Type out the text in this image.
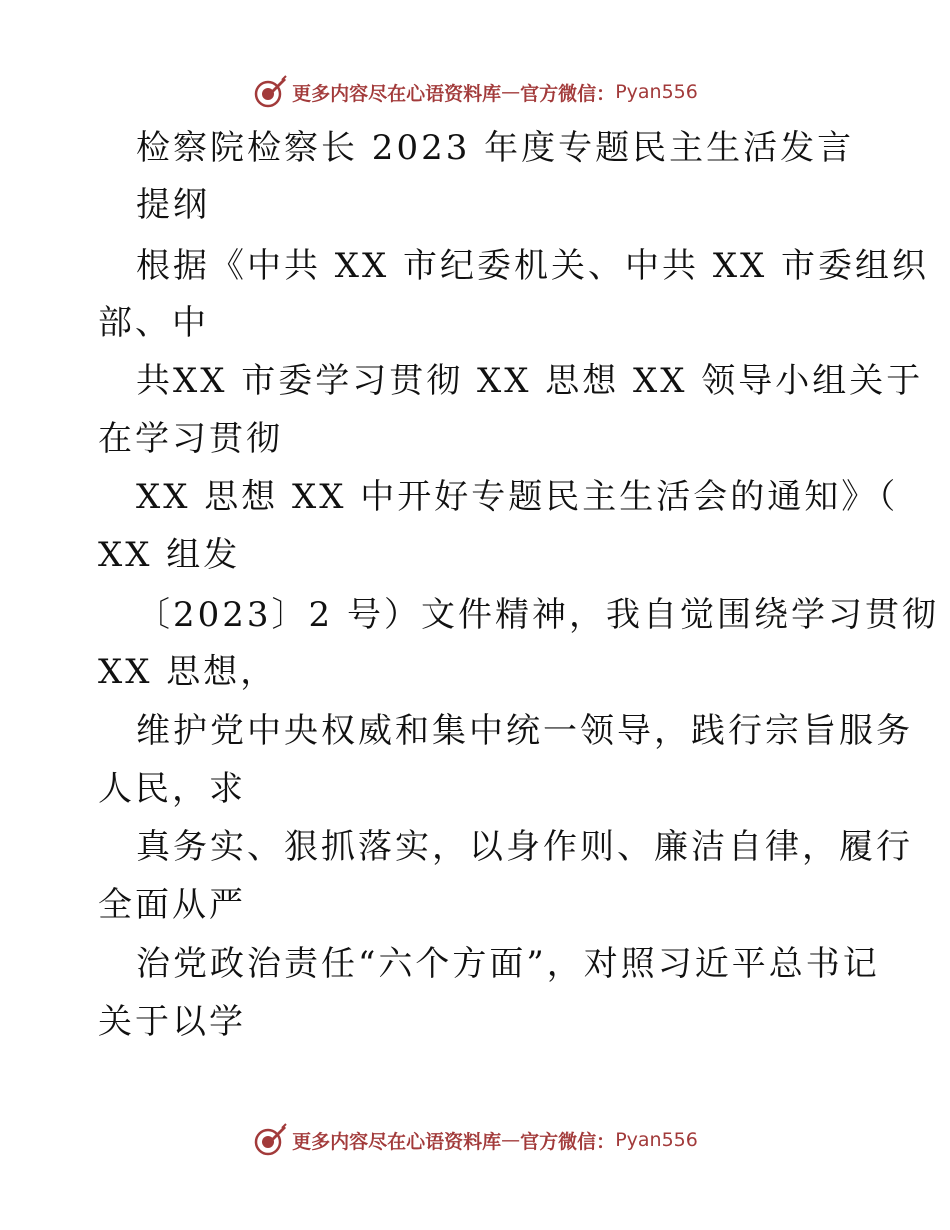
更多内容尽在心语资料库 — 官方微信： Pyan556
检察院检察长 2023 年度专题民主生活发言
提纲
根据《中共 XX 市纪委机关、中共 XX 市委组织
部、中
共XX 市委学习贯彻 XX 思想 XX 领导小组关于
在学习贯彻
XX 思想 XX 中开好专题民主生活会的通知》（
XX 组发
〔2023〕2 号）文件精神，我自觉围绕学习贯彻
XX 思想，
维护党中央权威和集中统一领导，践行宗旨服务
人民，求
真务实、狠抓落实，以身作则、廉洁自律，履行
全面从严
治党政治责任“六个方面”，对照习近平总书记
关于以学
更多内容尽在心语资料库 — 官方微信： Pyan556
